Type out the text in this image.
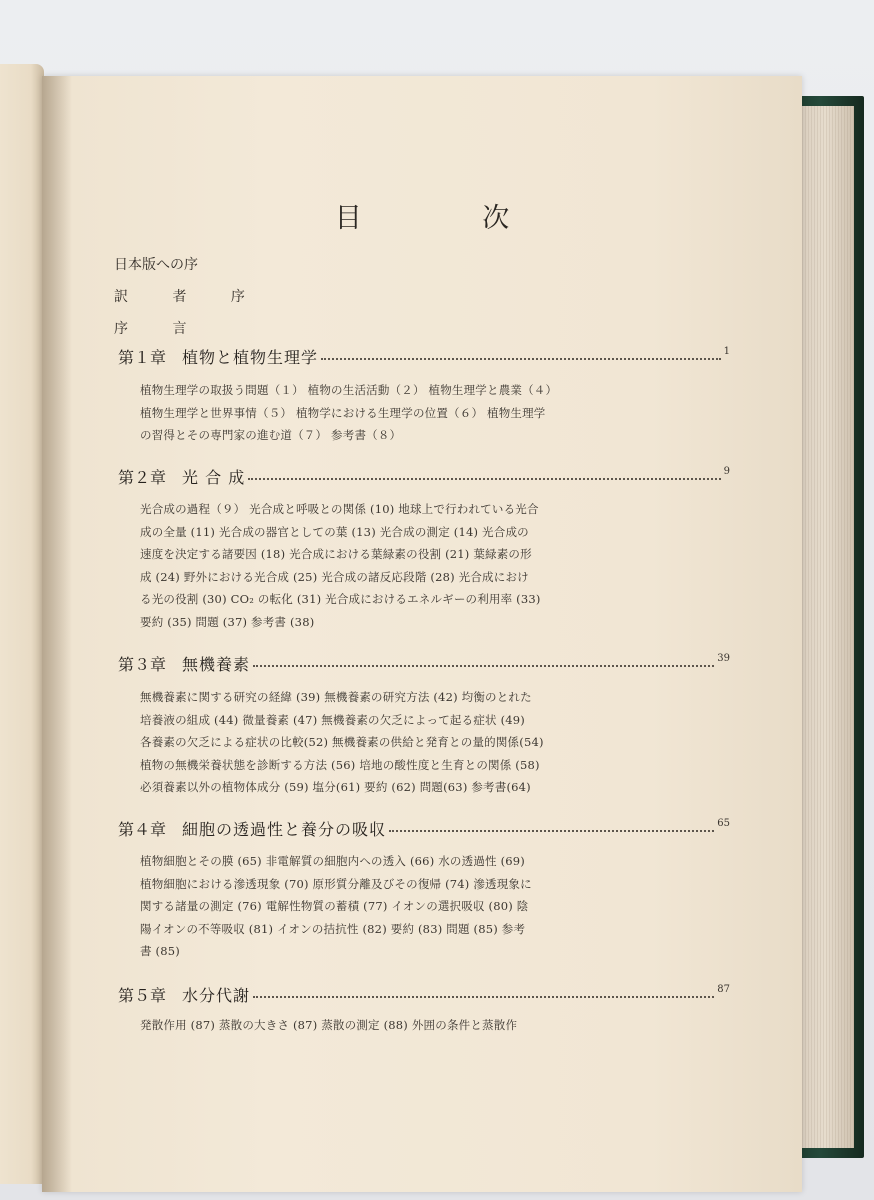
目 次
日本版への序
訳 者 序
序 言
第１章 植物と植物生理学	1
植物生理学の取扱う問題（１） 植物の生活活動（２） 植物生理学と農業（４）
植物生理学と世界事情（５） 植物学における生理学の位置（６） 植物生理学
の習得とその専門家の進む道（７） 参考書（８）
第２章 光 合 成	9
光合成の過程（９） 光合成と呼吸との関係 (10) 地球上で行われている光合
成の全量 (11) 光合成の器官としての葉 (13) 光合成の測定 (14) 光合成の
速度を決定する諸要因 (18) 光合成における葉緑素の役割 (21) 葉緑素の形
成 (24) 野外における光合成 (25) 光合成の諸反応段階 (28) 光合成におけ
る光の役割 (30) CO₂ の転化 (31) 光合成におけるエネルギーの利用率 (33)
要約 (35) 問題 (37) 参考書 (38)
第３章 無機養素	39
無機養素に関する研究の経緯 (39) 無機養素の研究方法 (42) 均衡のとれた
培養液の組成 (44) 微量養素 (47) 無機養素の欠乏によって起る症状 (49)
各養素の欠乏による症状の比較(52) 無機養素の供給と発育との量的関係(54)
植物の無機栄養状態を診断する方法 (56) 培地の酸性度と生育との関係 (58)
必須養素以外の植物体成分 (59) 塩分(61) 要約 (62) 問題(63) 参考書(64)
第４章 細胞の透過性と養分の吸収	65
植物細胞とその膜 (65) 非電解質の細胞内への透入 (66) 水の透過性 (69)
植物細胞における滲透現象 (70) 原形質分離及びその復帰 (74) 滲透現象に
関する諸量の測定 (76) 電解性物質の蓄積 (77) イオンの選択吸収 (80) 陰
陽イオンの不等吸収 (81) イオンの拮抗性 (82) 要約 (83) 問題 (85) 参考
書 (85)
第５章 水分代謝	87
発散作用 (87) 蒸散の大きさ (87) 蒸散の測定 (88) 外囲の条件と蒸散作
